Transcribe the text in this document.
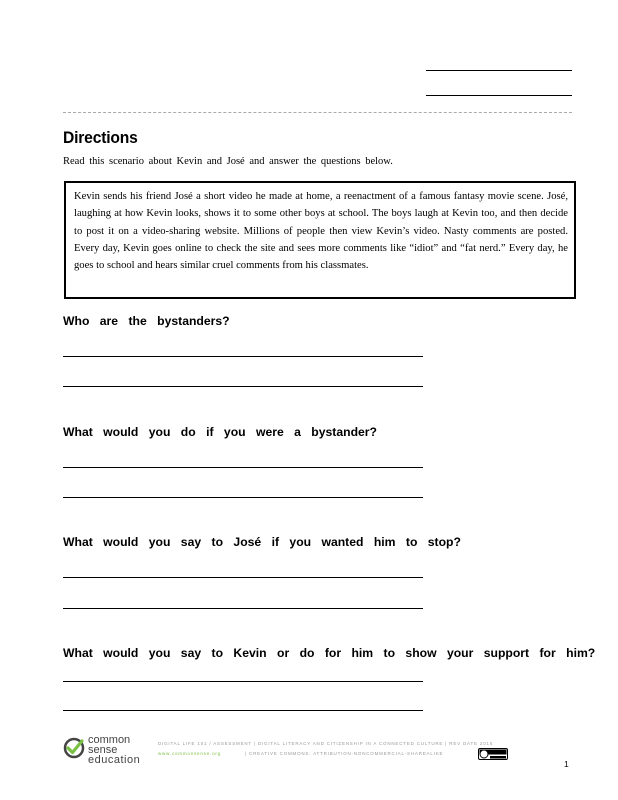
Directions
Read this scenario about Kevin and José and answer the questions below.
Kevin sends his friend José a short video he made at home, a reenactment of a famous fantasy movie scene. José, laughing at how Kevin looks, shows it to some other boys at school. The boys laugh at Kevin too, and then decide to post it on a video-sharing website. Millions of people then view Kevin’s video. Nasty comments are posted. Every day, Kevin goes online to check the site and sees more comments like “idiot” and “fat nerd.” Every day, he goes to school and hears similar cruel comments from his classmates.
Who are the bystanders?
What would you do if you were a bystander?
What would you say to José if you wanted him to stop?
What would you say to Kevin or do for him to show your support for him?
common
sense
education
DIGITAL LIFE 101 / ASSESSMENT | DIGITAL LITERACY AND CITIZENSHIP IN A CONNECTED CULTURE | REV DATE 2015
www.commonsense.org	| CREATIVE COMMONS: ATTRIBUTION-NONCOMMERCIAL-SHAREALIKE
1
